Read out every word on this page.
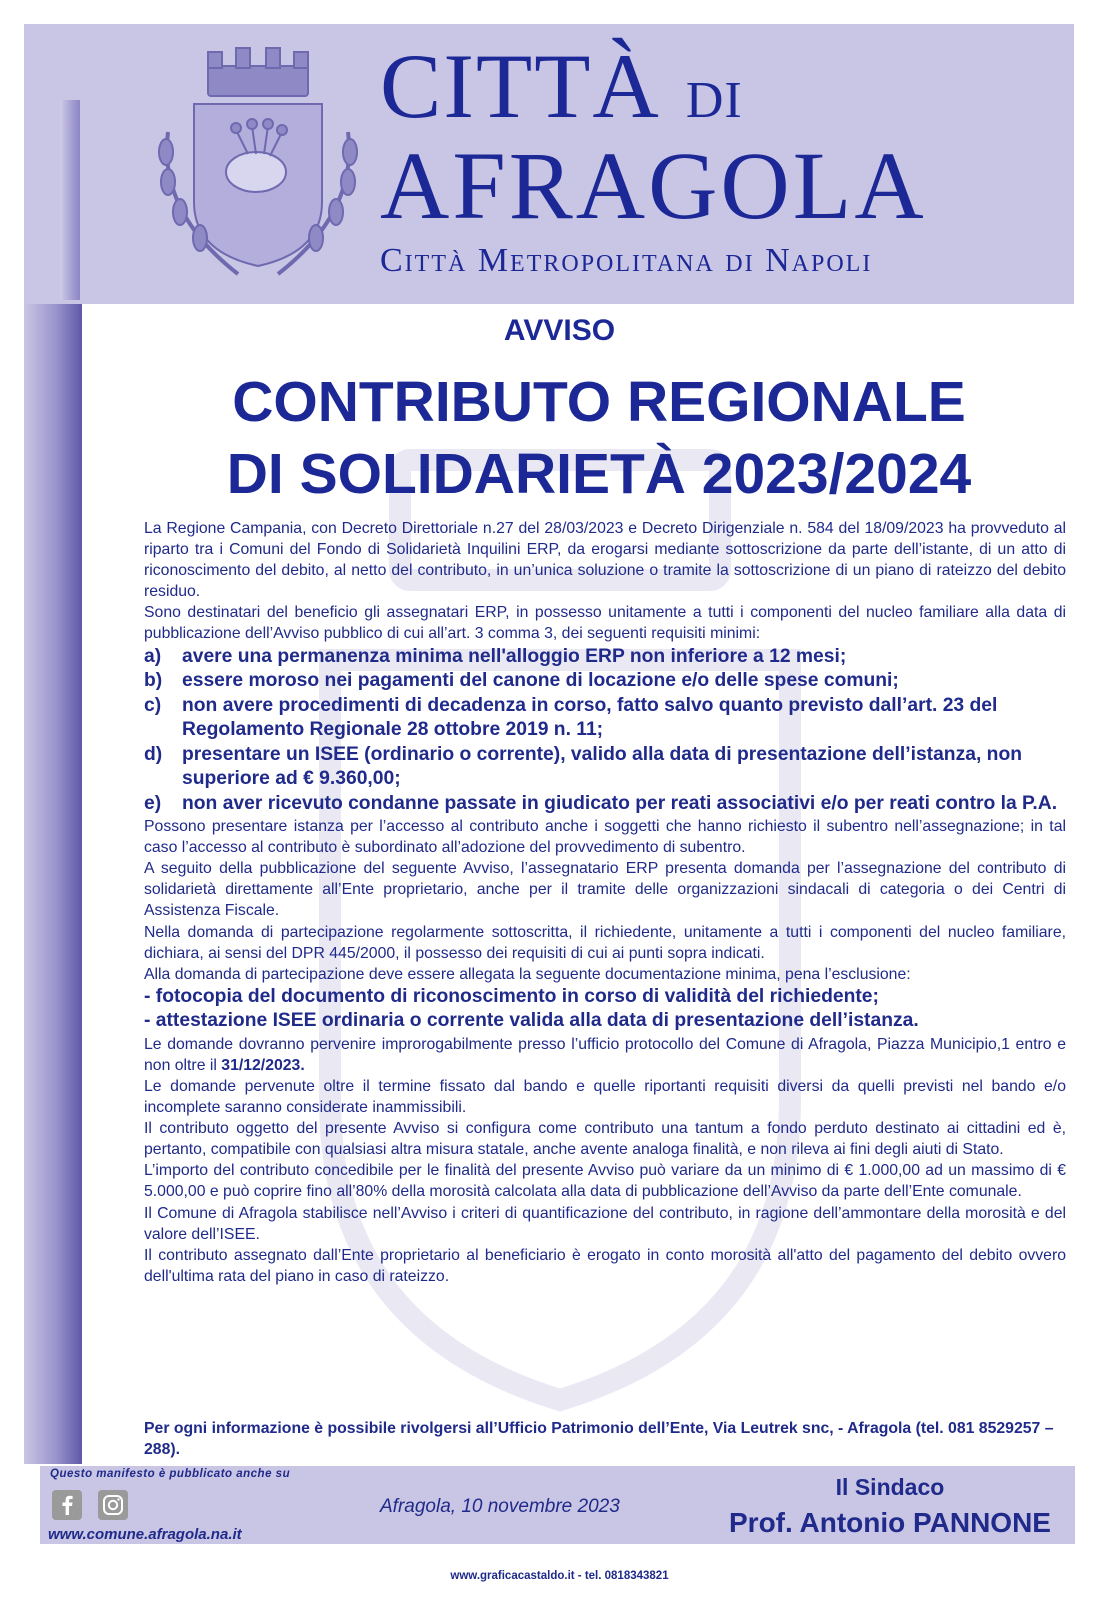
CITTÀ DI
AFRAGOLA
Città Metropolitana di Napoli
AVVISO
CONTRIBUTO REGIONALE
DI SOLIDARIETÀ 2023/2024

La Regione Campania, con Decreto Direttoriale n.27 del 28/03/2023 e Decreto Dirigenziale n. 584 del 18/09/2023 ha provveduto al riparto tra i Comuni del Fondo di Solidarietà Inquilini ERP, da erogarsi mediante sottoscrizione da parte dell’istante, di un atto di riconoscimento del debito, al netto del contributo, in un’unica soluzione o tramite la sottoscrizione di un piano di rateizzo del debito residuo.

Sono destinatari del beneficio gli assegnatari ERP, in possesso unitamente a tutti i componenti del nucleo familiare alla data di pubblicazione dell’Avviso pubblico di cui all’art. 3 comma 3, dei seguenti requisiti minimi:

a)	avere una permanenza minima nell'alloggio ERP non inferiore a 12 mesi;
b)	essere moroso nei pagamenti del canone di locazione e/o delle spese comuni;
c)	non avere procedimenti di decadenza in corso, fatto salvo quanto previsto dall’art. 23 del Regolamento Regionale 28 ottobre 2019 n. 11;
d)	presentare un ISEE (ordinario o corrente), valido alla data di presentazione dell’istanza, non superiore ad € 9.360,00;
e)	non aver ricevuto condanne passate in giudicato per reati associativi e/o per reati contro la P.A.

Possono presentare istanza per l’accesso al contributo anche i soggetti che hanno richiesto il subentro nell’assegnazione; in tal caso l’accesso al contributo è subordinato all’adozione del provvedimento di subentro.

A seguito della pubblicazione del seguente Avviso, l’assegnatario ERP presenta domanda per l’assegnazione del contributo di solidarietà direttamente all’Ente proprietario, anche per il tramite delle organizzazioni sindacali di categoria o dei Centri di Assistenza Fiscale.

Nella domanda di partecipazione regolarmente sottoscritta, il richiedente, unitamente a tutti i componenti del nucleo familiare, dichiara, ai sensi del DPR 445/2000, il possesso dei requisiti di cui ai punti sopra indicati.

Alla domanda di partecipazione deve essere allegata la seguente documentazione minima, pena l’esclusione:

- fotocopia del documento di riconoscimento in corso di validità del richiedente;
- attestazione ISEE ordinaria o corrente valida alla data di presentazione dell’istanza.

Le domande dovranno pervenire improrogabilmente presso l’ufficio protocollo del Comune di Afragola, Piazza Municipio,1 entro e non oltre il 31/12/2023.

Le domande pervenute oltre il termine fissato dal bando e quelle riportanti requisiti diversi da quelli previsti nel bando e/o incomplete saranno considerate inammissibili.

Il contributo oggetto del presente Avviso si configura come contributo una tantum a fondo perduto destinato ai cittadini ed è, pertanto, compatibile con qualsiasi altra misura statale, anche avente analoga finalità, e non rileva ai fini degli aiuti di Stato.

L’importo del contributo concedibile per le finalità del presente Avviso può variare da un minimo di € 1.000,00 ad un massimo di € 5.000,00 e può coprire fino all’80% della morosità calcolata alla data di pubblicazione dell’Avviso da parte dell’Ente comunale.

Il Comune di Afragola stabilisce nell’Avviso i criteri di quantificazione del contributo, in ragione dell’ammontare della morosità e del valore dell’ISEE.

Il contributo assegnato dall’Ente proprietario al beneficiario è erogato in conto morosità all'atto del pagamento del debito ovvero dell'ultima rata del piano in caso di rateizzo.

Per ogni informazione è possibile rivolgersi all’Ufficio Patrimonio dell’Ente, Via Leutrek snc, - Afragola (tel. 081 8529257 – 288).
Questo manifesto è pubblicato anche su
www.comune.afragola.na.it
Afragola, 10 novembre 2023
Il Sindaco
Prof. Antonio PANNONE
www.graficacastaldo.it - tel. 0818343821
